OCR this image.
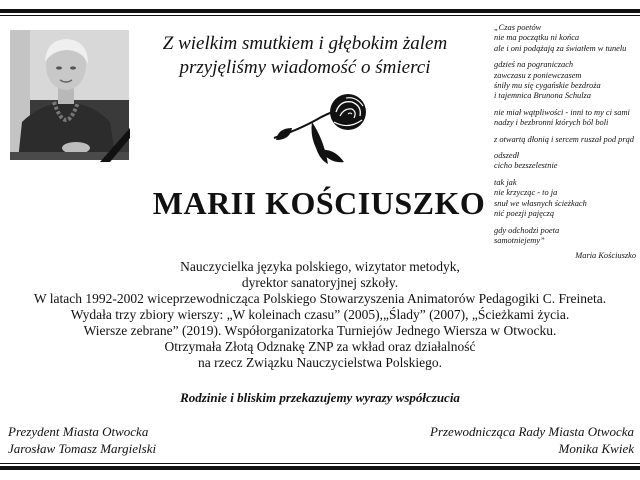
Z wielkim smutkiem i głębokim żalem
przyjęliśmy wiadomość o śmierci
MARII KOŚCIUSZKO
„Czas poetów
nie ma początku ni końca
ale i oni podążają za światłem w tunelu
gdzieś na pograniczach
zawczasu z poniewczasem
śniły mu się cygańskie bezdroża
i tajemnica Brunona Schulza
nie miał wątpliwości - inni to my ci sami
nadzy i bezbronni których ból boli
z otwartą dłonią i sercem ruszał pod prąd
odszedł
cicho bezszelestnie
tak jak
nie krzycząc - to ja
snuł we własnych ścieżkach
nić poezji pajęczą
gdy odchodzi poeta
samotniejemy”
Maria Kościuszko
Nauczycielka języka polskiego, wizytator metodyk,
dyrektor sanatoryjnej szkoły.
W latach 1992-2002 wiceprzewodnicząca Polskiego Stowarzyszenia Animatorów Pedagogiki C. Freineta.
Wydała trzy zbiory wierszy: „W koleinach czasu” (2005),„Ślady” (2007), „Ścieżkami życia.
Wiersze zebrane” (2019). Współorganizatorka Turniejów Jednego Wiersza w Otwocku.
Otrzymała Złotą Odznakę ZNP za wkład oraz działalność
na rzecz Związku Nauczycielstwa Polskiego.
Rodzinie i bliskim przekazujemy wyrazy współczucia
Prezydent Miasta Otwocka
Jarosław Tomasz Margielski
Przewodnicząca Rady Miasta Otwocka
Monika Kwiek
